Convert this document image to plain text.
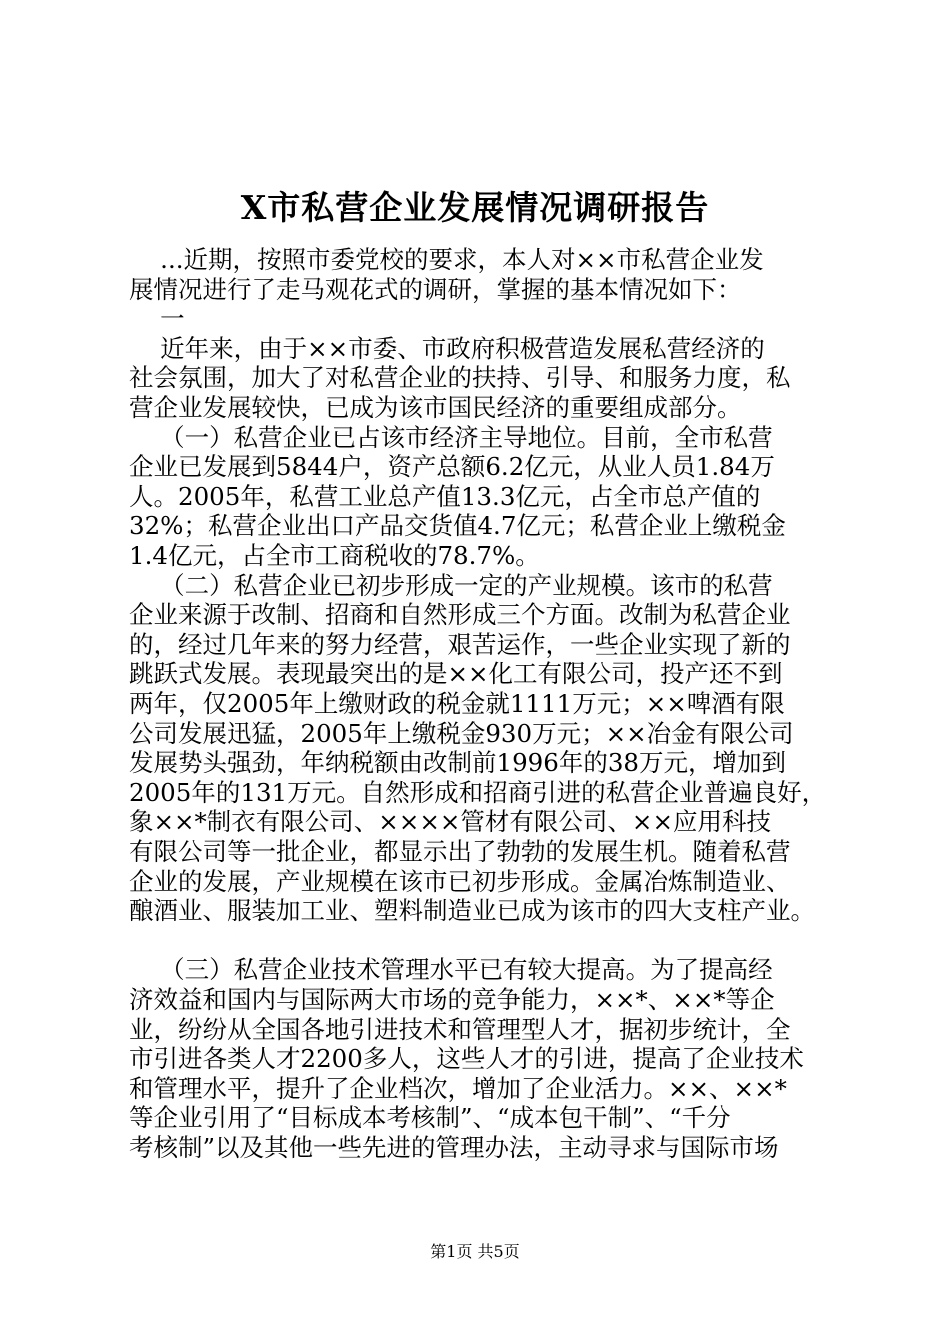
X市私营企业发展情况调研报告
...近期，按照市委党校的要求，本人对××市私营企业发
展情况进行了走马观花式的调研，掌握的基本情况如下：
一
近年来，由于××市委、市政府积极营造发展私营经济的
社会氛围，加大了对私营企业的扶持、引导、和服务力度，私
营企业发展较快，已成为该市国民经济的重要组成部分。
（一）私营企业已占该市经济主导地位。目前，全市私营
企业已发展到5844户，资产总额6.2亿元，从业人员1.84万
人。2005年，私营工业总产值13.3亿元，占全市总产值的
32%；私营企业出口产品交货值4.7亿元；私营企业上缴税金
1.4亿元，占全市工商税收的78.7%。
（二）私营企业已初步形成一定的产业规模。该市的私营
企业来源于改制、招商和自然形成三个方面。改制为私营企业
的，经过几年来的努力经营，艰苦运作，一些企业实现了新的
跳跃式发展。表现最突出的是××化工有限公司，投产还不到
两年，仅2005年上缴财政的税金就1111万元；××啤酒有限
公司发展迅猛，2005年上缴税金930万元；××冶金有限公司
发展势头强劲，年纳税额由改制前1996年的38万元，增加到
2005年的131万元。自然形成和招商引进的私营企业普遍良好，
象××*制衣有限公司、××××管材有限公司、××应用科技
有限公司等一批企业，都显示出了勃勃的发展生机。随着私营
企业的发展，产业规模在该市已初步形成。金属冶炼制造业、
酿酒业、服装加工业、塑料制造业已成为该市的四大支柱产业。
（三）私营企业技术管理水平已有较大提高。为了提高经
济效益和国内与国际两大市场的竞争能力，××*、××*等企
业，纷纷从全国各地引进技术和管理型人才，据初步统计，全
市引进各类人才2200多人，这些人才的引进，提高了企业技术
和管理水平，提升了企业档次，增加了企业活力。××、××*
等企业引用了“目标成本考核制”、“成本包干制”、“千分
考核制”以及其他一些先进的管理办法，主动寻求与国际市场
第1页 共5页
